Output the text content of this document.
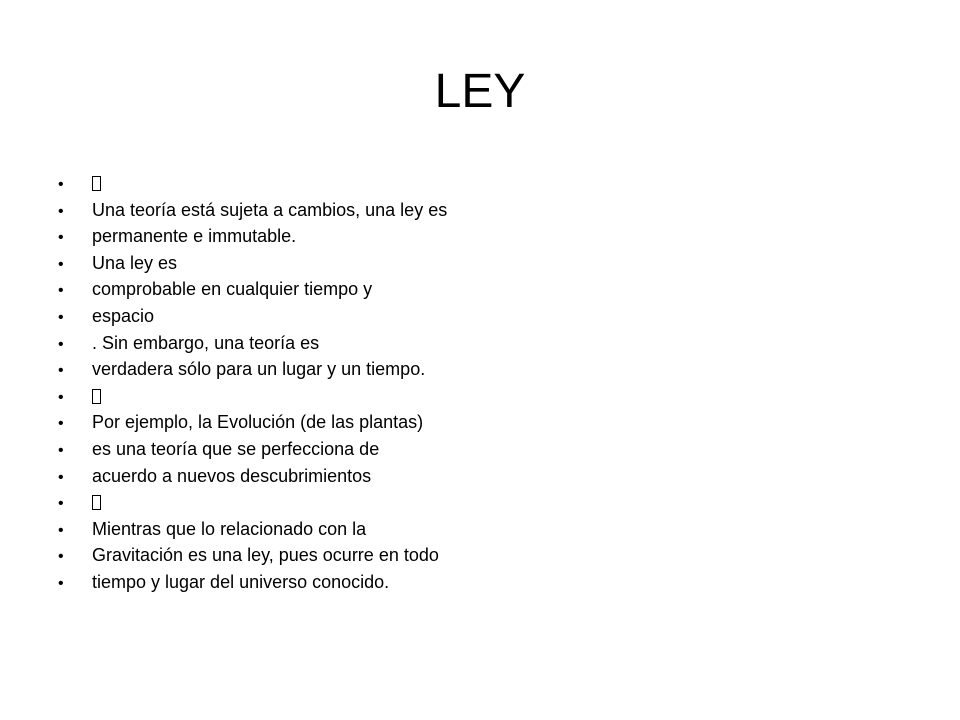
LEY
•
•	Una teoría está sujeta a cambios, una ley es
•	permanente e immutable.
•	Una ley es
•	comprobable en cualquier tiempo y
•	espacio
•	. Sin embargo, una teoría es
•	verdadera sólo para un lugar y un tiempo.
•
•	Por ejemplo, la Evolución (de las plantas)
•	es una teoría que se perfecciona de
•	acuerdo a nuevos descubrimientos
•
•	Mientras que lo relacionado con la
•	Gravitación es una ley, pues ocurre en todo
•	tiempo y lugar del universo conocido.
